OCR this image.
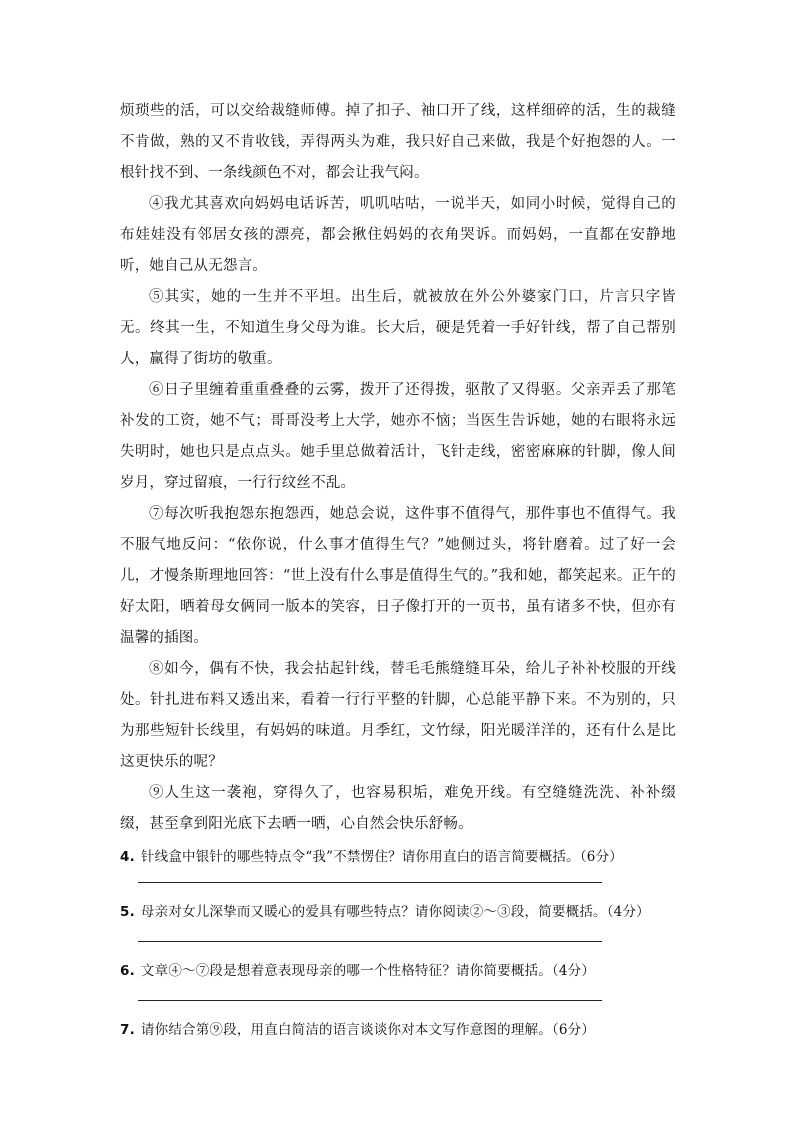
烦琐些的活，可以交给裁缝师傅。掉了扣子、袖口开了线，这样细碎的活，生的裁缝不肯做，熟的又不肯收钱，弄得两头为难，我只好自己来做，我是个好抱怨的人。一根针找不到、一条线颜色不对，都会让我气闷。

④我尤其喜欢向妈妈电话诉苦，叽叽咕咕，一说半天，如同小时候，觉得自己的布娃娃没有邻居女孩的漂亮，都会揪住妈妈的衣角哭诉。而妈妈，一直都在安静地听，她自己从无怨言。

⑤其实，她的一生并不平坦。出生后，就被放在外公外婆家门口，片言只字皆无。终其一生，不知道生身父母为谁。长大后，硬是凭着一手好针线，帮了自己帮别人，赢得了街坊的敬重。

⑥日子里缠着重重叠叠的云雾，拨开了还得拨，驱散了又得驱。父亲弄丢了那笔补发的工资，她不气；哥哥没考上大学，她亦不恼；当医生告诉她，她的右眼将永远失明时，她也只是点点头。她手里总做着活计，飞针走线，密密麻麻的针脚，像人间岁月，穿过留痕，一行行纹丝不乱。

⑦每次听我抱怨东抱怨西，她总会说，这件事不值得气，那件事也不值得气。我不服气地反问：“依你说，什么事才值得生气？”她侧过头，将针磨着。过了好一会儿，才慢条斯理地回答：“世上没有什么事是值得生气的。”我和她，都笑起来。正午的好太阳，晒着母女俩同一版本的笑容，日子像打开的一页书，虽有诸多不快，但亦有温馨的插图。

⑧如今，偶有不快，我会拈起针线，替毛毛熊缝缝耳朵，给儿子补补校服的开线处。针扎进布料又透出来，看着一行行平整的针脚，心总能平静下来。不为别的，只为那些短针长线里，有妈妈的味道。月季红，文竹绿，阳光暖洋洋的，还有什么是比这更快乐的呢？

⑨人生这一袭袍，穿得久了，也容易积垢，难免开线。有空缝缝洗洗、补补缀缀，甚至拿到阳光底下去晒一晒，心自然会快乐舒畅。

4. 针线盒中银针的哪些特点令“我”不禁愣住？请你用直白的语言简要概括。（6分）

5. 母亲对女儿深挚而又暖心的爱具有哪些特点？请你阅读②～③段，简要概括。（4分）

6. 文章④～⑦段是想着意表现母亲的哪一个性格特征？请你简要概括。（4分）

7. 请你结合第⑨段，用直白简洁的语言谈谈你对本文写作意图的理解。（6分）
